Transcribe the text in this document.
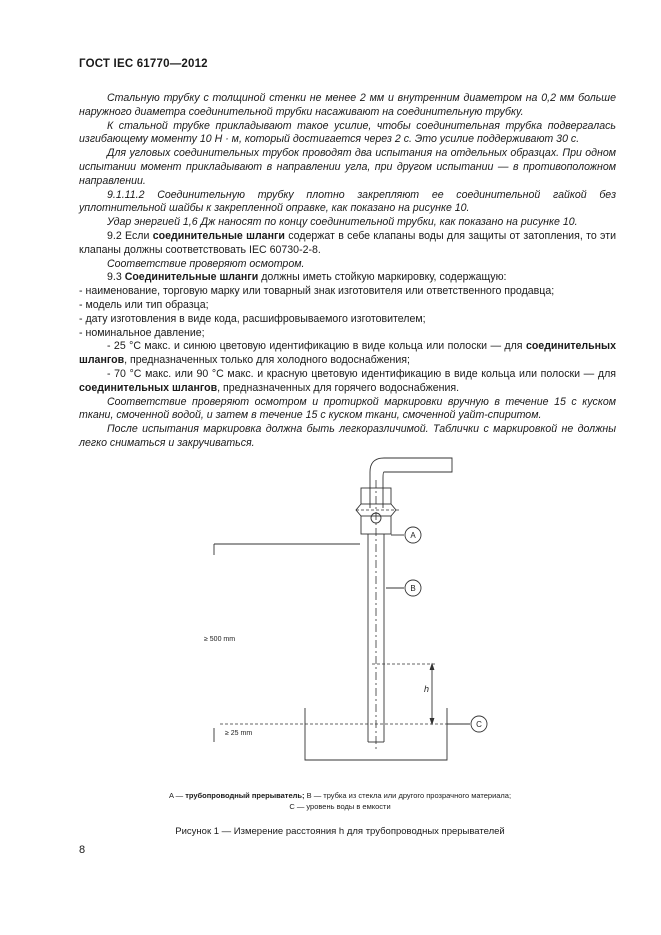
ГОСТ IEC 61770—2012

Стальную трубку с толщиной стенки не менее 2 мм и внутренним диаметром на 0,2 мм больше наружного диаметра соединительной трубки насаживают на соединительную трубку.

К стальной трубке прикладывают такое усилие, чтобы соединительная трубка подвергалась изгибающему моменту 10 Н · м, который достигается через 2 с. Это усилие поддерживают 30 с.

Для угловых соединительных трубок проводят два испытания на отдельных образцах. При одном испытании момент прикладывают в направлении угла, при другом испытании — в противоположном направлении.

9.1.11.2 Соединительную трубку плотно закрепляют ее соединительной гайкой без уплотнительной шайбы к закрепленной оправке, как показано на рисунке 10.

Удар энергией 1,6 Дж наносят по концу соединительной трубки, как показано на рисунке 10.

9.2 Если соединительные шланги содержат в себе клапаны воды для защиты от затопления, то эти клапаны должны соответствовать IEC 60730-2-8.

Соответствие проверяют осмотром.

9.3 Соединительные шланги должны иметь стойкую маркировку, содержащую:

- наименование, торговую марку или товарный знак изготовителя или ответственного продавца;

- модель или тип образца;

- дату изготовления в виде кода, расшифровываемого изготовителем;

- номинальное давление;

- 25 °С макс. и синюю цветовую идентификацию в виде кольца или полоски — для соединительных шлангов, предназначенных только для холодного водоснабжения;

- 70 °С макс. или 90 °С макс. и красную цветовую идентификацию в виде кольца или полоски — для соединительных шлангов, предназначенных для горячего водоснабжения.

Соответствие проверяют осмотром и протиркой маркировки вручную в течение 15 с куском ткани, смоченной водой, и затем в течение 15 с куском ткани, смоченной уайт-спиритом.

После испытания маркировка должна быть легкоразличимой. Таблички с маркировкой не должны легко сниматься и закручиваться.

A
B
C
≥ 500 mm
≥ 25 mm
h
A — трубопроводный прерыватель; B — трубка из стекла или другого прозрачного материала;
C — уровень воды в емкости
Рисунок 1 — Измерение расстояния h для трубопроводных прерывателей
8
